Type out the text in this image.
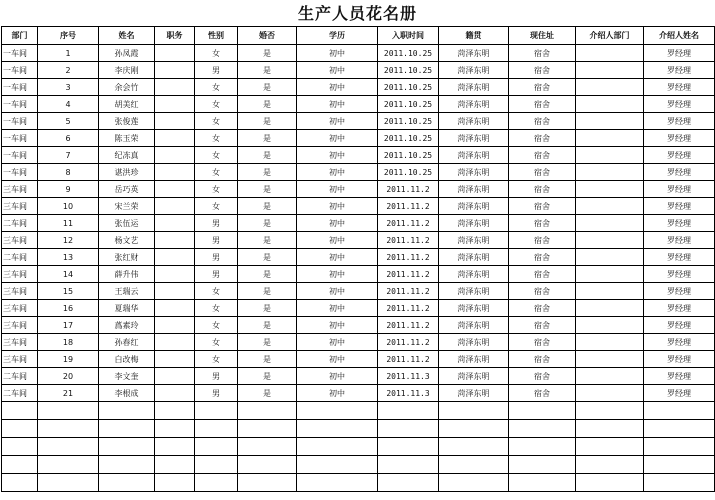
生产人员花名册
部门	序号	姓名	职务	性别	婚否	学历	入职时间	籍贯	现住址	介绍人部门	介绍人姓名
一车间	1	孙凤霞		女	是	初中	2011.10.25	菏泽东明	宿舍		罗经理
一车间	2	李庆刚		男	是	初中	2011.10.25	菏泽东明	宿舍		罗经理
一车间	3	余会竹		女	是	初中	2011.10.25	菏泽东明	宿舍		罗经理
一车间	4	胡美红		女	是	初中	2011.10.25	菏泽东明	宿舍		罗经理
一车间	5	张俊莲		女	是	初中	2011.10.25	菏泽东明	宿舍		罗经理
一车间	6	陈玉荣		女	是	初中	2011.10.25	菏泽东明	宿舍		罗经理
一车间	7	纪冻真		女	是	初中	2011.10.25	菏泽东明	宿舍		罗经理
一车间	8	谌洪珍		女	是	初中	2011.10.25	菏泽东明	宿舍		罗经理
三车间	9	岳巧英		女	是	初中	2011.11.2	菏泽东明	宿舍		罗经理
三车间	10	宋兰荣		女	是	初中	2011.11.2	菏泽东明	宿舍		罗经理
二车间	11	张伍运		男	是	初中	2011.11.2	菏泽东明	宿舍		罗经理
三车间	12	杨文艺		男	是	初中	2011.11.2	菏泽东明	宿舍		罗经理
二车间	13	张红财		男	是	初中	2011.11.2	菏泽东明	宿舍		罗经理
三车间	14	薛升伟		男	是	初中	2011.11.2	菏泽东明	宿舍		罗经理
三车间	15	王瑞云		女	是	初中	2011.11.2	菏泽东明	宿舍		罗经理
三车间	16	夏瑞华		女	是	初中	2011.11.2	菏泽东明	宿舍		罗经理
三车间	17	蔿素玲		女	是	初中	2011.11.2	菏泽东明	宿舍		罗经理
三车间	18	孙春红		女	是	初中	2011.11.2	菏泽东明	宿舍		罗经理
三车间	19	白改梅		女	是	初中	2011.11.2	菏泽东明	宿舍		罗经理
二车间	20	李文奎		男	是	初中	2011.11.3	菏泽东明	宿舍		罗经理
二车间	21	李根成		男	是	初中	2011.11.3	菏泽东明	宿舍		罗经理
